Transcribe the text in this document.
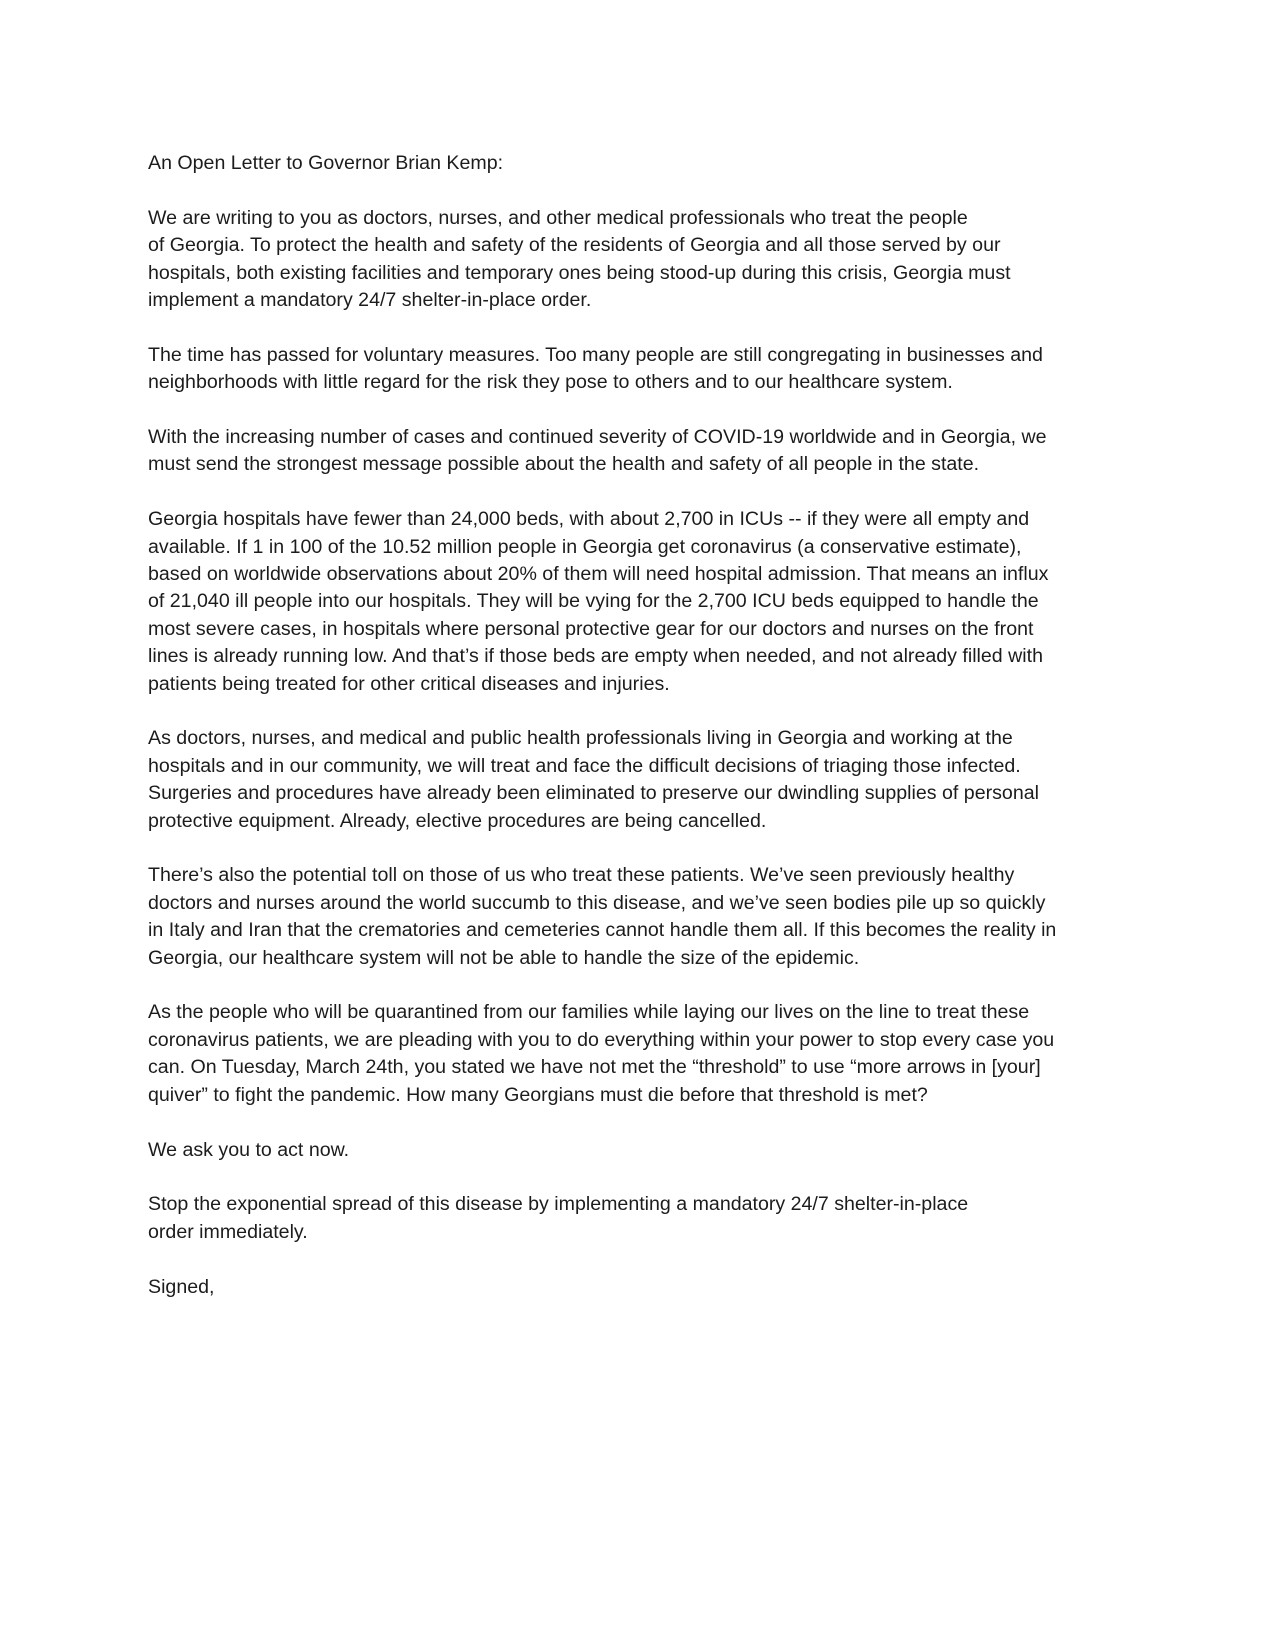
An Open Letter to Governor Brian Kemp:

We are writing to you as doctors, nurses, and other medical professionals who treat the people
of Georgia. To protect the health and safety of the residents of Georgia and all those served by our
hospitals, both existing facilities and temporary ones being stood-up during this crisis, Georgia must
implement a mandatory 24/7 shelter-in-place order.

The time has passed for voluntary measures. Too many people are still congregating in businesses and
neighborhoods with little regard for the risk they pose to others and to our healthcare system.

With the increasing number of cases and continued severity of COVID-19 worldwide and in Georgia, we
must send the strongest message possible about the health and safety of all people in the state.

Georgia hospitals have fewer than 24,000 beds, with about 2,700 in ICUs -- if they were all empty and
available. If 1 in 100 of the 10.52 million people in Georgia get coronavirus (a conservative estimate),
based on worldwide observations about 20% of them will need hospital admission. That means an influx
of 21,040 ill people into our hospitals. They will be vying for the 2,700 ICU beds equipped to handle the
most severe cases, in hospitals where personal protective gear for our doctors and nurses on the front
lines is already running low. And that’s if those beds are empty when needed, and not already filled with
patients being treated for other critical diseases and injuries.

As doctors, nurses, and medical and public health professionals living in Georgia and working at the
hospitals and in our community, we will treat and face the difficult decisions of triaging those infected.
Surgeries and procedures have already been eliminated to preserve our dwindling supplies of personal
protective equipment. Already, elective procedures are being cancelled.

There’s also the potential toll on those of us who treat these patients. We’ve seen previously healthy
doctors and nurses around the world succumb to this disease, and we’ve seen bodies pile up so quickly
in Italy and Iran that the crematories and cemeteries cannot handle them all. If this becomes the reality in
Georgia, our healthcare system will not be able to handle the size of the epidemic.

As the people who will be quarantined from our families while laying our lives on the line to treat these
coronavirus patients, we are pleading with you to do everything within your power to stop every case you
can. On Tuesday, March 24th, you stated we have not met the “threshold” to use “more arrows in [your]
quiver” to fight the pandemic. How many Georgians must die before that threshold is met?

We ask you to act now.

Stop the exponential spread of this disease by implementing a mandatory 24/7 shelter-in-place
order immediately.

Signed,
